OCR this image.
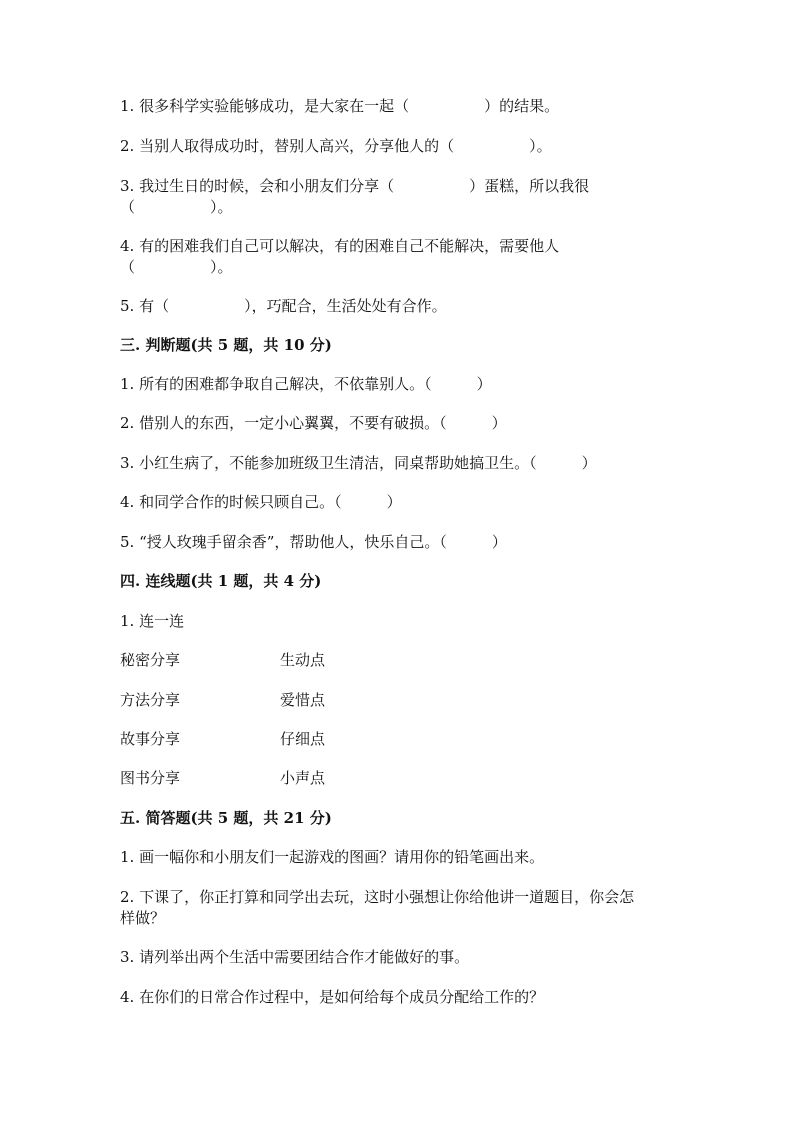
1. 很多科学实验能够成功，是大家在一起（　　　　　）的结果。
2. 当别人取得成功时，替别人高兴，分享他人的（　　　　　）。
3. 我过生日的时候，会和小朋友们分享（　　　　　）蛋糕，所以我很
（　　　　　）。
4. 有的困难我们自己可以解决，有的困难自己不能解决，需要他人
（　　　　　）。
5. 有（　　　　　），巧配合，生活处处有合作。
三. 判断题(共 5 题，共 10 分)
1. 所有的困难都争取自己解决，不依靠别人。（　　　）
2. 借别人的东西，一定小心翼翼，不要有破损。（　　　）
3. 小红生病了，不能参加班级卫生清洁，同桌帮助她搞卫生。（　　　）
4. 和同学合作的时候只顾自己。（　　　）
5. “授人玫瑰手留余香”，帮助他人，快乐自己。（　　　）
四. 连线题(共 1 题，共 4 分)
1. 连一连
秘密分享	生动点
方法分享	爱惜点
故事分享	仔细点
图书分享	小声点
五. 简答题(共 5 题，共 21 分)
1. 画一幅你和小朋友们一起游戏的图画？请用你的铅笔画出来。
2. 下课了，你正打算和同学出去玩，这时小强想让你给他讲一道题目，你会怎
样做？
3. 请列举出两个生活中需要团结合作才能做好的事。
4. 在你们的日常合作过程中，是如何给每个成员分配给工作的？
